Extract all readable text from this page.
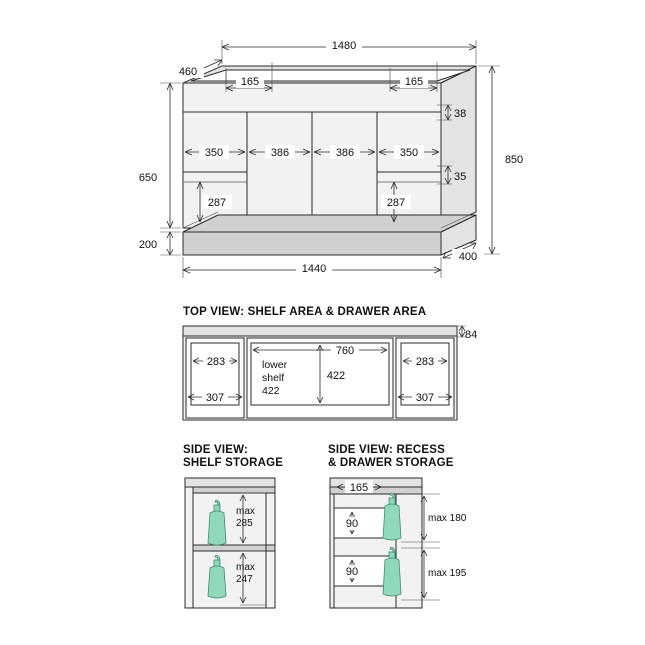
1480
460
165	165
38
35
850
650
200
350	386	386	350
287	287
1440
400
TOP VIEW: SHELF AREA & DRAWER AREA
283
307
283
307
760
422
84
lower
shelf
422
SIDE VIEW:
SHELF STORAGE
max
285
max
247
SIDE VIEW: RECESS
& DRAWER STORAGE
165
90
90
max 180
max 195
